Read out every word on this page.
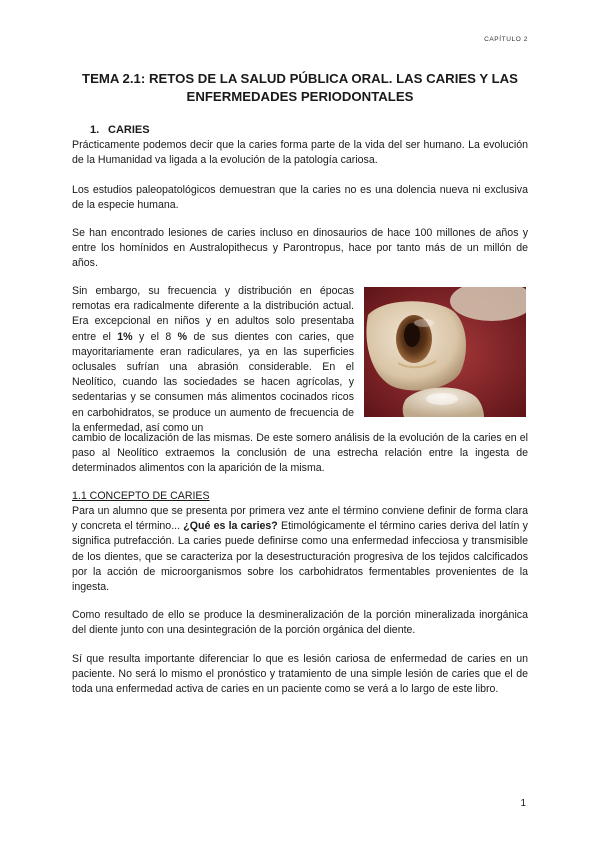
CAPÍTULO 2
TEMA 2.1: RETOS DE LA SALUD PÚBLICA ORAL. LAS CARIES Y LAS
ENFERMEDADES PERIODONTALES
1. CARIES

Prácticamente podemos decir que la caries forma parte de la vida del ser humano. La evolución de la Humanidad va ligada a la evolución de la patología cariosa.

Los estudios paleopatológicos demuestran que la caries no es una dolencia nueva ni exclusiva de la especie humana.

Se han encontrado lesiones de caries incluso en dinosaurios de hace 100 millones de años y entre los homínidos en Australopithecus y Parontropus, hace por tanto más de un millón de años.

Sin embargo, su frecuencia y distribución en épocas remotas era radicalmente diferente a la distribución actual. Era excepcional en niños y en adultos solo presentaba entre el 1% y el 8 % de sus dientes con caries, que mayoritariamente eran radiculares, ya en las superficies oclusales sufrían una abrasión considerable. En el Neolítico, cuando las sociedades se hacen agrícolas, y sedentarias y se consumen más alimentos cocinados ricos en carbohidratos, se produce un aumento de frecuencia de la enfermedad, así como un

cambio de localización de las mismas. De este somero análisis de la evolución de la caries en el paso al Neolítico extraemos la conclusión de una estrecha relación entre la ingesta de determinados alimentos con la aparición de la misma.

1.1 CONCEPTO DE CARIES

Para un alumno que se presenta por primera vez ante el término conviene definir de forma clara y concreta el término... ¿Qué es la caries? Etimológicamente el término caries deriva del latín y significa putrefacción. La caries puede definirse como una enfermedad infecciosa y transmisible de los dientes, que se caracteriza por la desestructuración progresiva de los tejidos calcificados por la acción de microorganismos sobre los carbohidratos fermentables provenientes de la ingesta.

Como resultado de ello se produce la desmineralización de la porción mineralizada inorgánica del diente junto con una desintegración de la porción orgánica del diente.

Sí que resulta importante diferenciar lo que es lesión cariosa de enfermedad de caries en un paciente. No será lo mismo el pronóstico y tratamiento de una simple lesión de caries que el de toda una enfermedad activa de caries en un paciente como se verá a lo largo de este libro.

1
